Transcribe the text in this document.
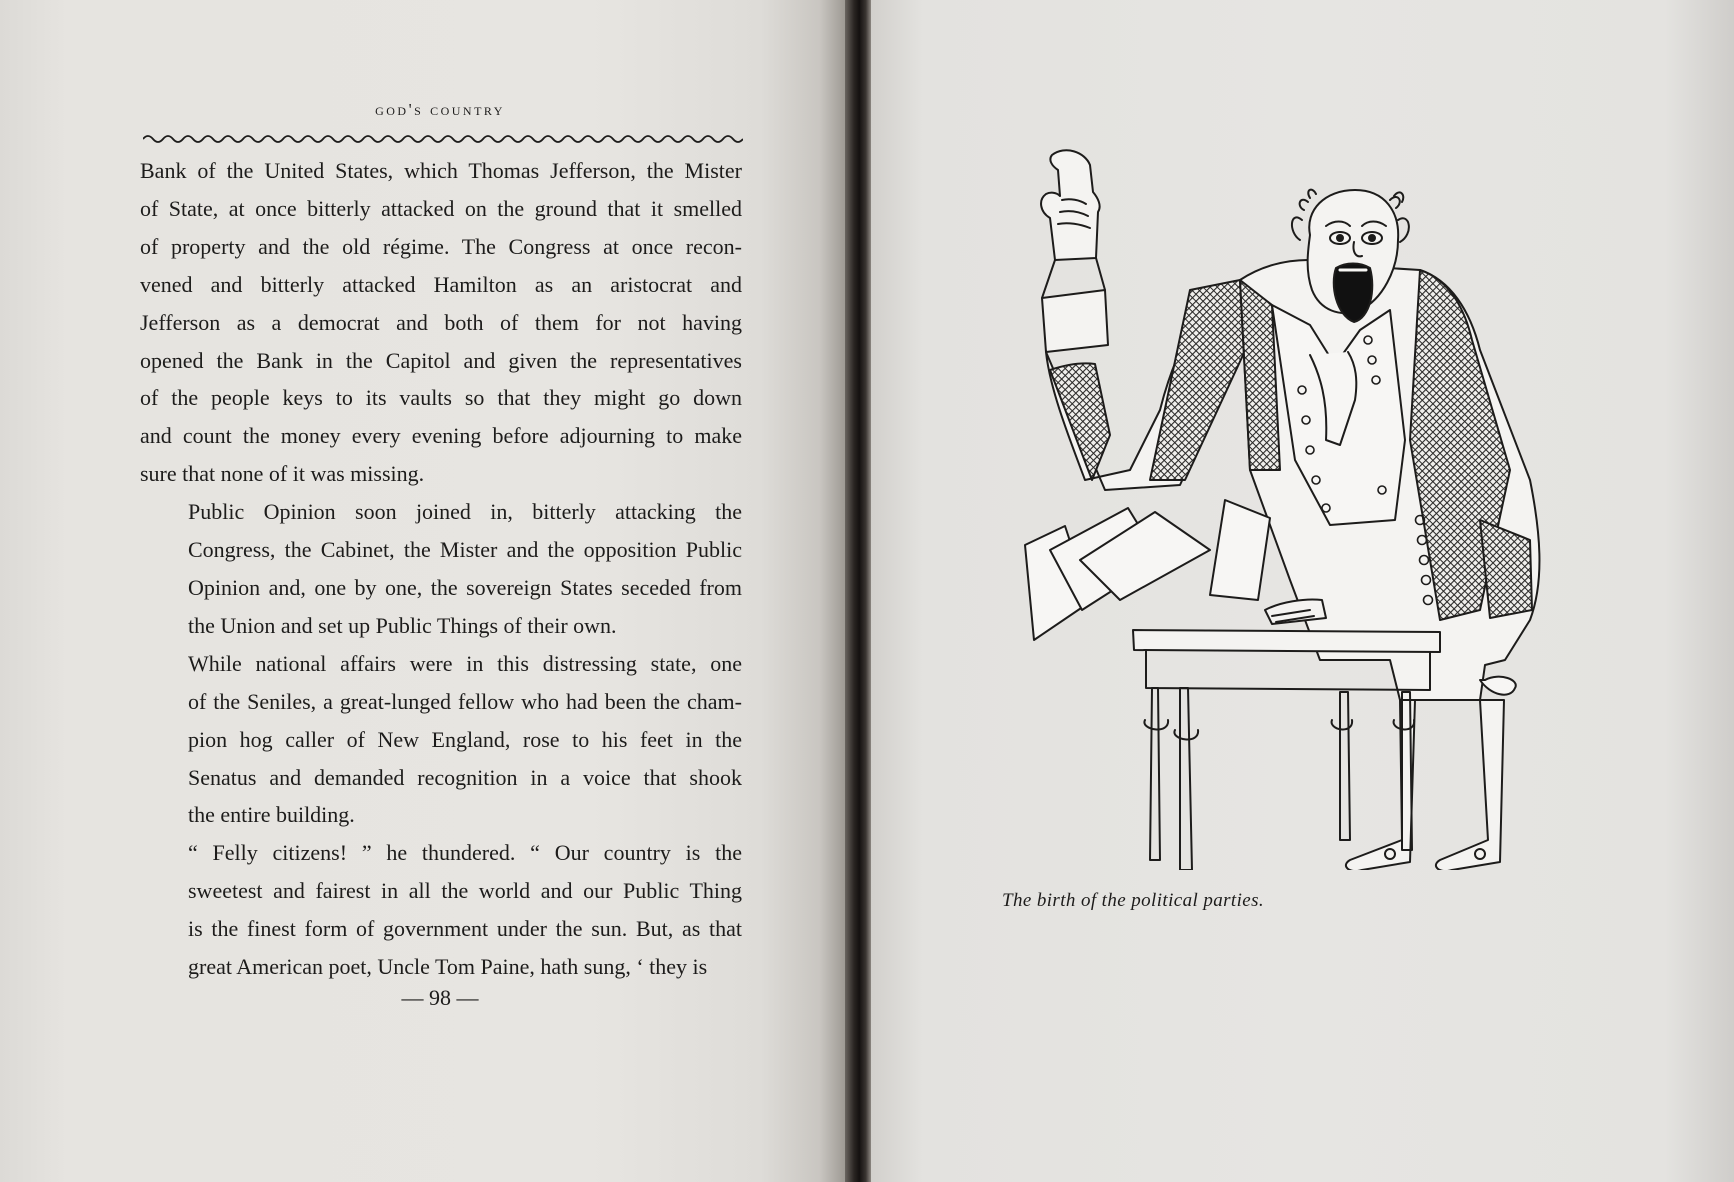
god's country

Bank of the United States, which Thomas Jefferson, the Mister
of State, at once bitterly attacked on the ground that it smelled
of property and the old régime. The Congress at once recon-
vened and bitterly attacked Hamilton as an aristocrat and
Jefferson as a democrat and both of them for not having
opened the Bank in the Capitol and given the representatives
of the people keys to its vaults so that they might go down
and count the money every evening before adjourning to make
sure that none of it was missing.

Public Opinion soon joined in, bitterly attacking the
Congress, the Cabinet, the Mister and the opposition Public
Opinion and, one by one, the sovereign States seceded from
the Union and set up Public Things of their own.

While national affairs were in this distressing state, one
of the Seniles, a great-lunged fellow who had been the cham-
pion hog caller of New England, rose to his feet in the
Senatus and demanded recognition in a voice that shook
the entire building.

“ Felly citizens! ” he thundered. “ Our country is the
sweetest and fairest in all the world and our Public Thing
is the finest form of government under the sun. But, as that
great American poet, Uncle Tom Paine, hath sung, ‘ they is

— 98 —
The birth of the political parties.
